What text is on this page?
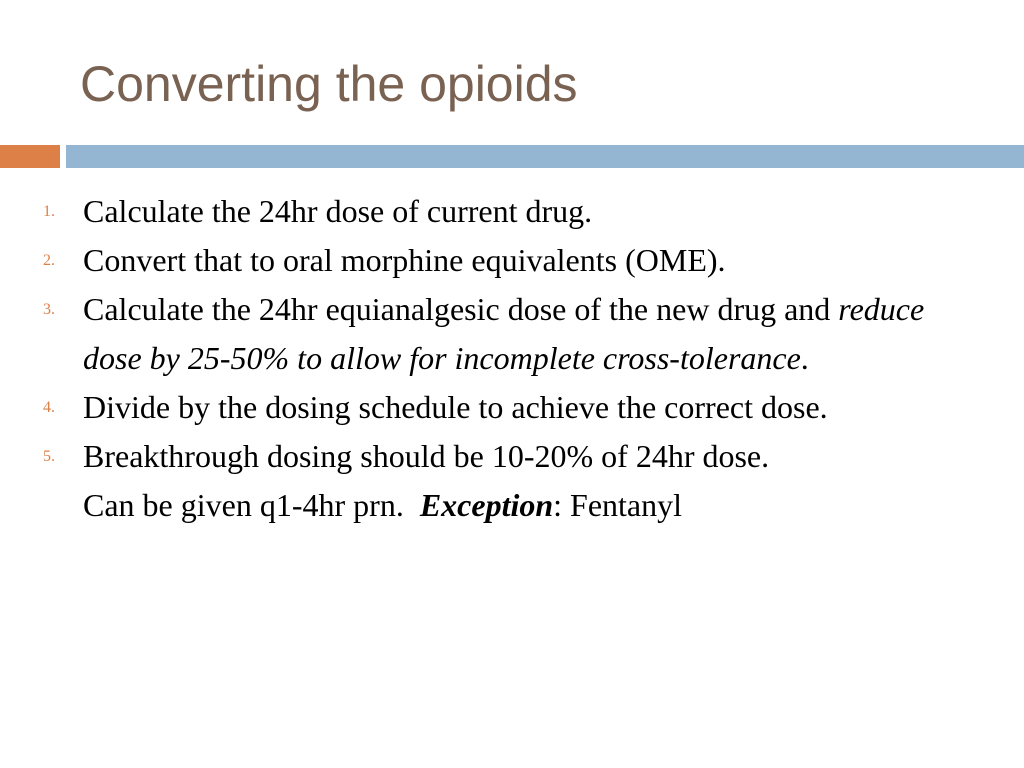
Converting the opioids
1. Calculate the 24hr dose of current drug.
2. Convert that to oral morphine equivalents (OME).
3. Calculate the 24hr equianalgesic dose of the new drug and reduce dose by 25-50% to allow for incomplete cross-tolerance.
4. Divide by the dosing schedule to achieve the correct dose.
5. Breakthrough dosing should be 10-20% of 24hr dose.
Can be given q1-4hr prn. Exception: Fentanyl
